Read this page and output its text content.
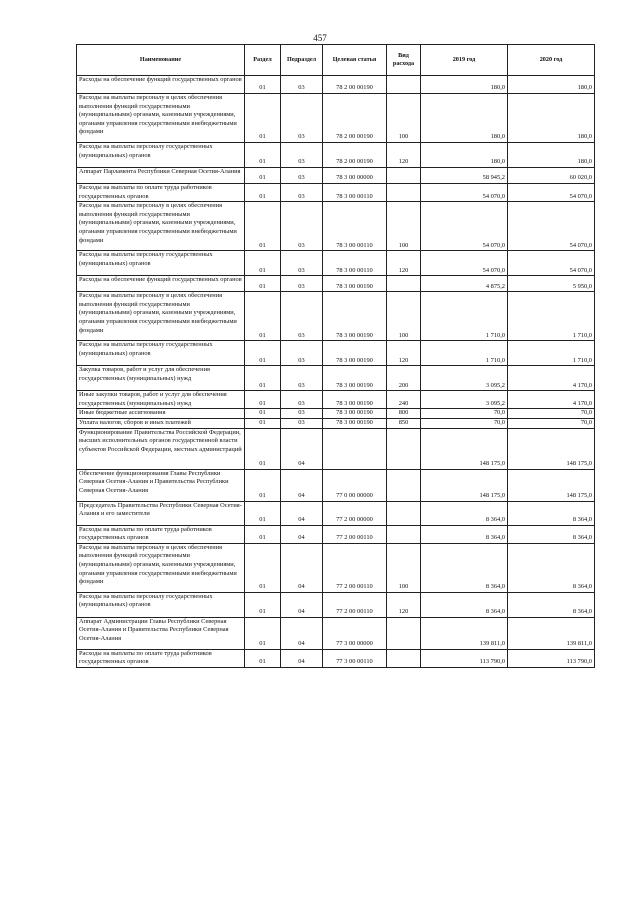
457
Наименование	Раздел	Подраздел	Целевая статья	Вид расхода	2019 год	2020 год
Расходы на обеспечение функций государственных органов	01	03	78 2 00 00190		180,0	180,0
Расходы на выплаты персоналу в целях обеспечения выполнения функций государственными (муниципальными) органами, казенными учреждениями, органами управления государственными внебюджетными фондами	01	03	78 2 00 00190	100	180,0	180,0
Расходы на выплаты персоналу государственных (муниципальных) органов	01	03	78 2 00 00190	120	180,0	180,0
Аппарат Парламента Республики Северная Осетия-Алания	01	03	78 3 00 00000		58 945,2	60 020,0
Расходы на выплаты по оплате труда работников государственных органов	01	03	78 3 00 00110		54 070,0	54 070,0
Расходы на выплаты персоналу в целях обеспечения выполнения функций государственными (муниципальными) органами, казенными учреждениями, органами управления государственными внебюджетными фондами	01	03	78 3 00 00110	100	54 070,0	54 070,0
Расходы на выплаты персоналу государственных (муниципальных) органов	01	03	78 3 00 00110	120	54 070,0	54 070,0
Расходы на обеспечение функций государственных органов	01	03	78 3 00 00190		4 875,2	5 950,0
Расходы на выплаты персоналу в целях обеспечения выполнения функций государственными (муниципальными) органами, казенными учреждениями, органами управления государственными внебюджетными фондами	01	03	78 3 00 00190	100	1 710,0	1 710,0
Расходы на выплаты персоналу государственных (муниципальных) органов	01	03	78 3 00 00190	120	1 710,0	1 710,0
Закупка товаров, работ и услуг для обеспечения государственных (муниципальных) нужд	01	03	78 3 00 00190	200	3 095,2	4 170,0
Иные закупки товаров, работ и услуг для обеспечения государственных (муниципальных) нужд	01	03	78 3 00 00190	240	3 095,2	4 170,0
Иные бюджетные ассигнования	01	03	78 3 00 00190	800	70,0	70,0
Уплата налогов, сборов и иных платежей	01	03	78 3 00 00190	850	70,0	70,0
Функционирование Правительства Российской Федерации, высших исполнительных органов государственной власти субъектов Российской Федерации, местных администраций	01	04			148 175,0	148 175,0
Обеспечение функционирования Главы Республики Северная Осетия-Алания и Правительства Республики Северная Осетия-Алания	01	04	77 0 00 00000		148 175,0	148 175,0
Председатель Правительства Республики Северная Осетия-Алания и его заместители	01	04	77 2 00 00000		8 364,0	8 364,0
Расходы на выплаты по оплате труда работников государственных органов	01	04	77 2 00 00110		8 364,0	8 364,0
Расходы на выплаты персоналу в целях обеспечения выполнения функций государственными (муниципальными) органами, казенными учреждениями, органами управления государственными внебюджетными фондами	01	04	77 2 00 00110	100	8 364,0	8 364,0
Расходы на выплаты персоналу государственных (муниципальных) органов	01	04	77 2 00 00110	120	8 364,0	8 364,0
Аппарат Администрации Главы Республики Северная Осетия-Алания и Правительства Республики Северная Осетия-Алания	01	04	77 3 00 00000		139 811,0	139 811,0
Расходы на выплаты по оплате труда работников государственных органов	01	04	77 3 00 00110		113 790,0	113 790,0
